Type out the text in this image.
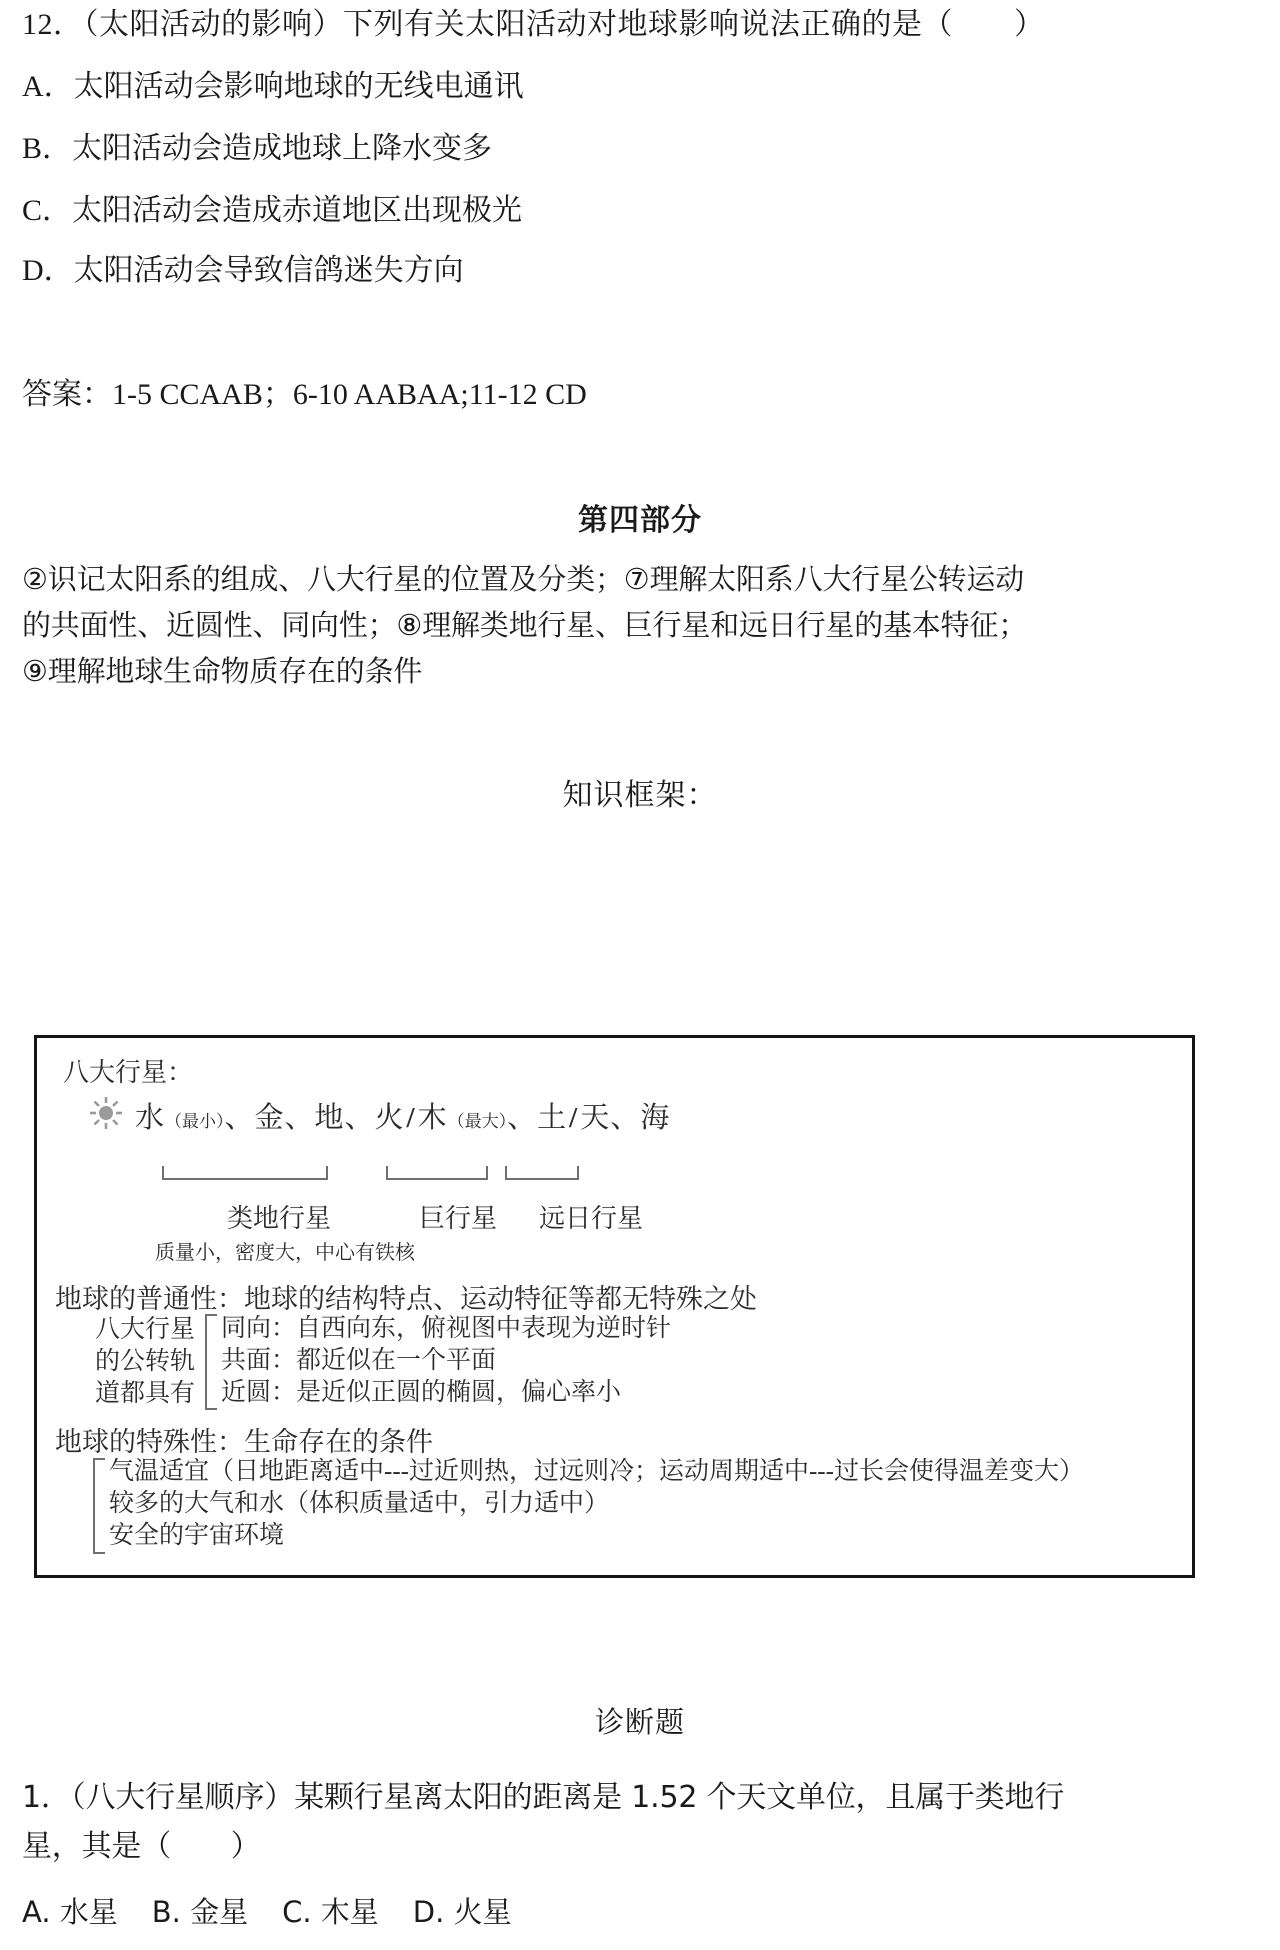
12．（太阳活动的影响）下列有关太阳活动对地球影响说法正确的是（　　）
A．太阳活动会影响地球的无线电通讯
B．太阳活动会造成地球上降水变多
C．太阳活动会造成赤道地区出现极光
D．太阳活动会导致信鸽迷失方向
答案：1-5 CCAAB；6-10 AABAA;11-12 CD
第四部分
②识记太阳系的组成、八大行星的位置及分类；⑦理解太阳系八大行星公转运动
的共面性、近圆性、同向性；⑧理解类地行星、巨行星和远日行星的基本特征；
⑨理解地球生命物质存在的条件
知识框架：
八大行星：
水（最小）、金、地、火/木（最大）、土/天、海
类地行星	巨行星 远日行星
质量小，密度大，中心有铁核
地球的普通性：地球的结构特点、运动特征等都无特殊之处
八大行星
的公转轨
道都具有
同向：自西向东，俯视图中表现为逆时针
共面：都近似在一个平面
近圆：是近似正圆的椭圆，偏心率小
地球的特殊性：生命存在的条件
气温适宜（日地距离适中---过近则热，过远则冷；运动周期适中---过长会使得温差变大）
较多的大气和水（体积质量适中，引力适中）
安全的宇宙环境
诊断题
1．（八大行星顺序）某颗行星离太阳的距离是 1.52 个天文单位，且属于类地行
星，其是（　　）
A. 水星 B. 金星 C. 木星 D. 火星
